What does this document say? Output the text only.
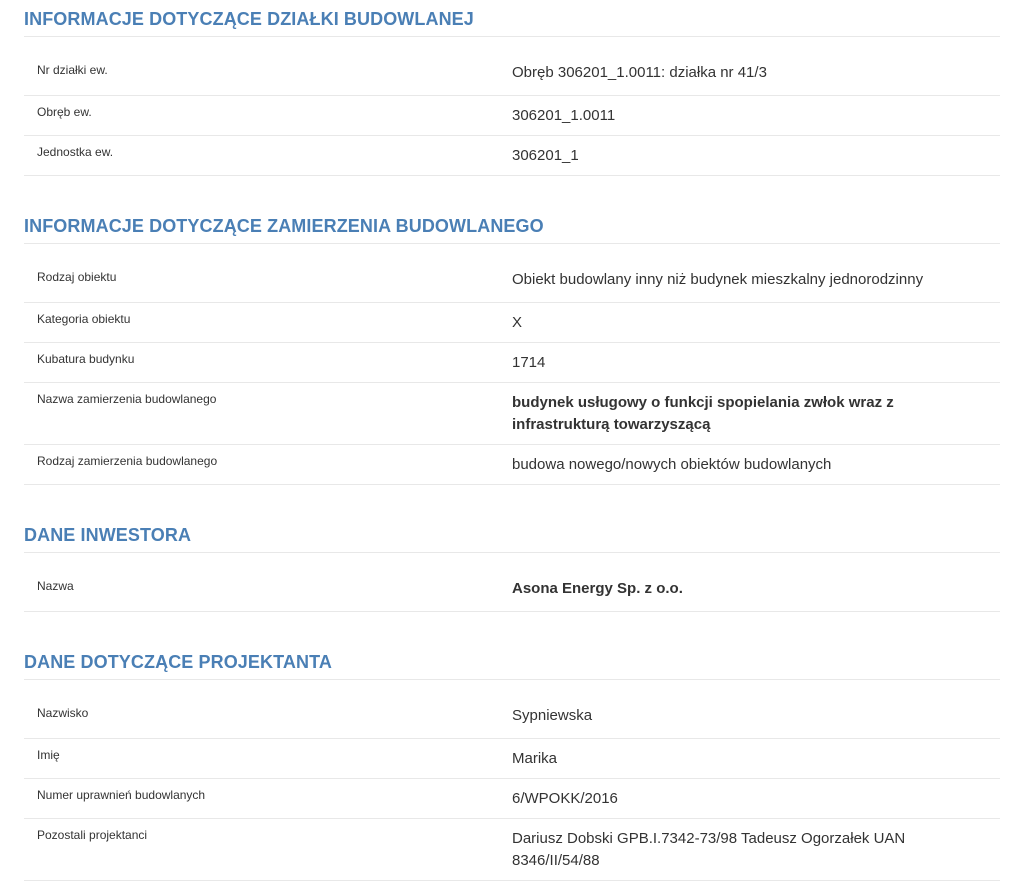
INFORMACJE DOTYCZĄCE DZIAŁKI BUDOWLANEJ
Nr działki ew.	Obręb 306201_1.0011: działka nr 41/3
Obręb ew.	306201_1.0011
Jednostka ew.	306201_1
INFORMACJE DOTYCZĄCE ZAMIERZENIA BUDOWLANEGO
Rodzaj obiektu	Obiekt budowlany inny niż budynek mieszkalny jednorodzinny
Kategoria obiektu	X
Kubatura budynku	1714
Nazwa zamierzenia budowlanego	budynek usługowy o funkcji spopielania zwłok wraz z infrastrukturą towarzyszącą
Rodzaj zamierzenia budowlanego	budowa nowego/nowych obiektów budowlanych
DANE INWESTORA
Nazwa	Asona Energy Sp. z o.o.
DANE DOTYCZĄCE PROJEKTANTA
Nazwisko	Sypniewska
Imię	Marika
Numer uprawnień budowlanych	6/WPOKK/2016
Pozostali projektanci	Dariusz Dobski GPB.I.7342-73/98 Tadeusz Ogorzałek UAN 8346/II/54/88
